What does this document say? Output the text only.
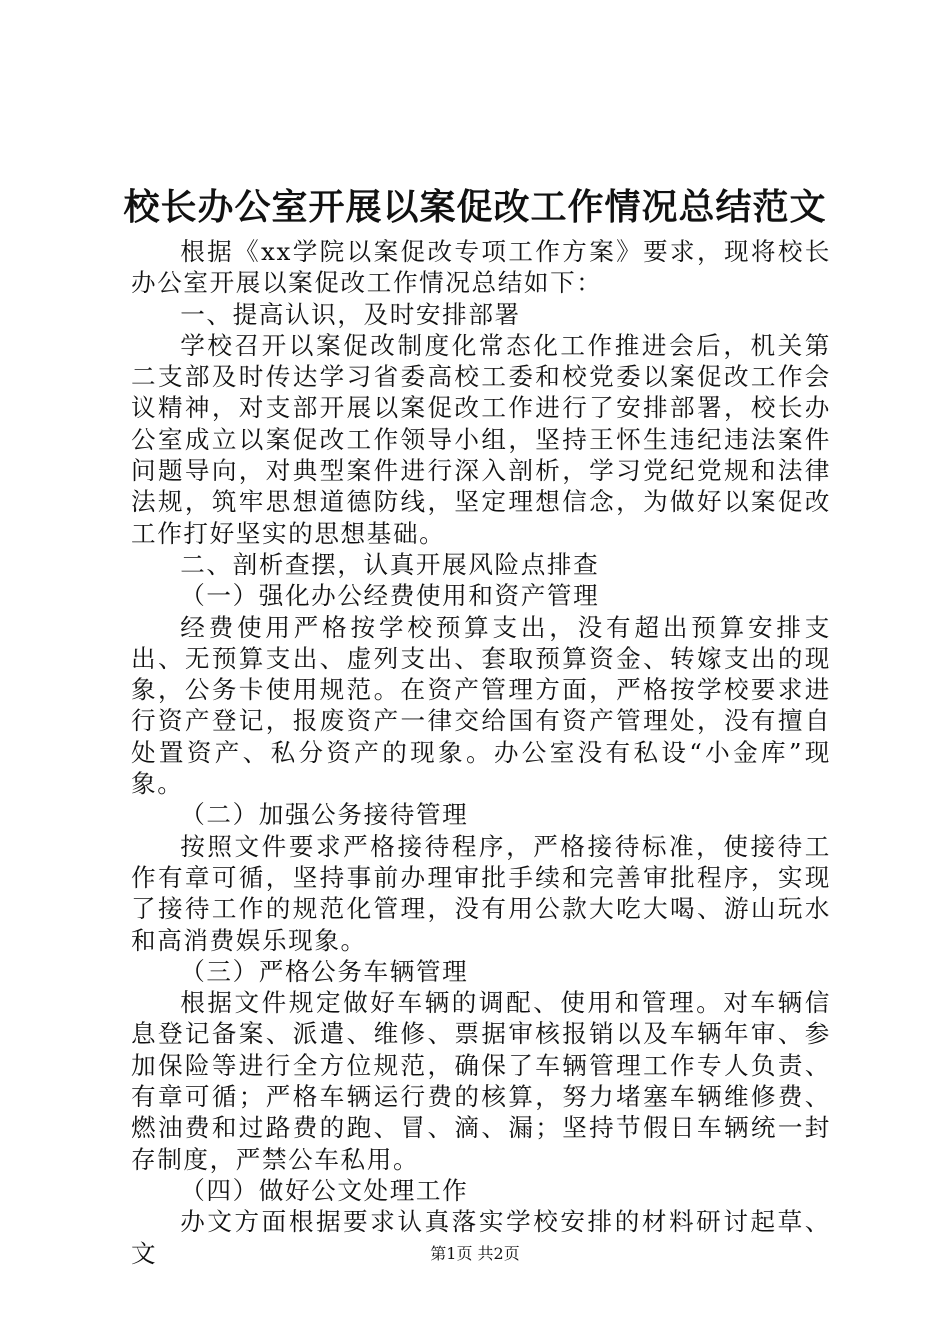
校长办公室开展以案促改工作情况总结范文

根据《xx学院以案促改专项工作方案》要求，现将校长办公室开展以案促改工作情况总结如下：

一、提高认识，及时安排部署

学校召开以案促改制度化常态化工作推进会后，机关第二支部及时传达学习省委高校工委和校党委以案促改工作会议精神，对支部开展以案促改工作进行了安排部署，校长办公室成立以案促改工作领导小组，坚持王怀生违纪违法案件问题导向，对典型案件进行深入剖析，学习党纪党规和法律法规，筑牢思想道德防线，坚定理想信念，为做好以案促改工作打好坚实的思想基础。

二、剖析查摆，认真开展风险点排查

（一）强化办公经费使用和资产管理

经费使用严格按学校预算支出，没有超出预算安排支出、无预算支出、虚列支出、套取预算资金、转嫁支出的现象，公务卡使用规范。在资产管理方面，严格按学校要求进行资产登记，报废资产一律交给国有资产管理处，没有擅自处置资产、私分资产的现象。办公室没有私设“小金库”现象。

（二）加强公务接待管理

按照文件要求严格接待程序，严格接待标准，使接待工作有章可循，坚持事前办理审批手续和完善审批程序，实现了接待工作的规范化管理，没有用公款大吃大喝、游山玩水和高消费娱乐现象。

（三）严格公务车辆管理

根据文件规定做好车辆的调配、使用和管理。对车辆信息登记备案、派遣、维修、票据审核报销以及车辆年审、参加保险等进行全方位规范，确保了车辆管理工作专人负责、有章可循；严格车辆运行费的核算，努力堵塞车辆维修费、燃油费和过路费的跑、冒、滴、漏；坚持节假日车辆统一封存制度，严禁公车私用。

（四）做好公文处理工作

办文方面根据要求认真落实学校安排的材料研讨起草、文	第1页 共2页
